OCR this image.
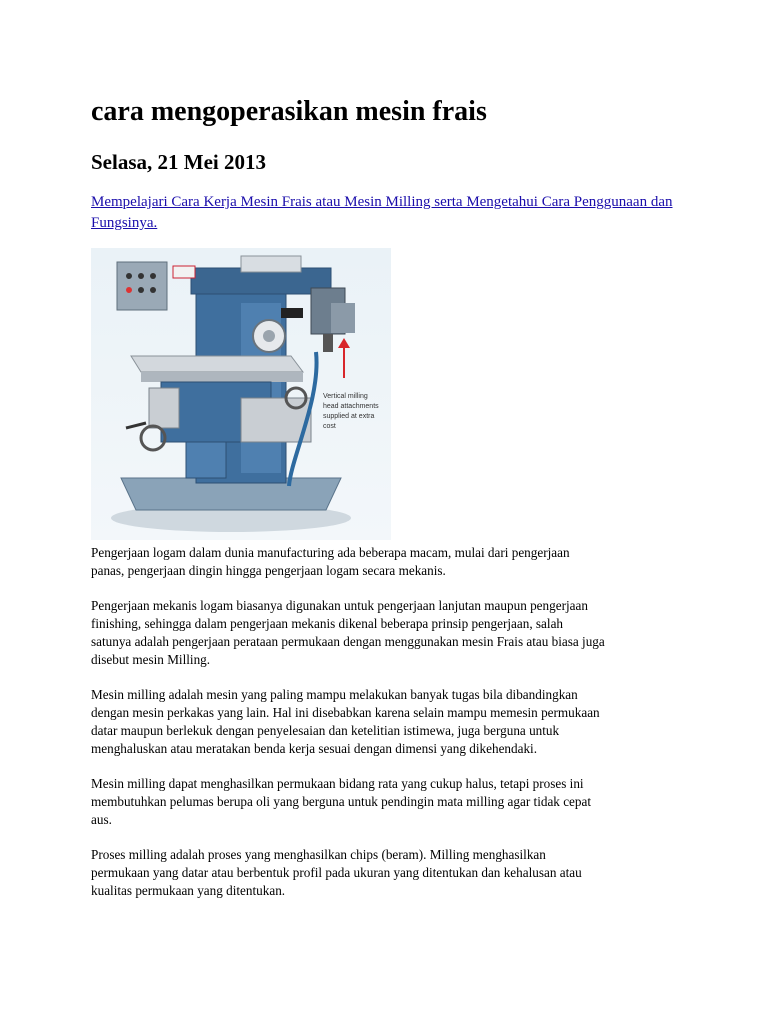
cara mengoperasikan mesin frais
Selasa, 21 Mei 2013
Mempelajari Cara Kerja Mesin Frais atau Mesin Milling serta Mengetahui Cara Penggunaan dan Fungsinya.
Vertical milling
head attachments
supplied at extra
cost

Pengerjaan logam dalam dunia manufacturing ada beberapa macam, mulai dari pengerjaan
panas, pengerjaan dingin hingga pengerjaan logam secara mekanis.

Pengerjaan mekanis logam biasanya digunakan untuk pengerjaan lanjutan maupun pengerjaan
finishing, sehingga dalam pengerjaan mekanis dikenal beberapa prinsip pengerjaan, salah
satunya adalah pengerjaan perataan permukaan dengan menggunakan mesin Frais atau biasa juga
disebut mesin Milling.

Mesin milling adalah mesin yang paling mampu melakukan banyak tugas bila dibandingkan
dengan mesin perkakas yang lain. Hal ini disebabkan karena selain mampu memesin permukaan
datar maupun berlekuk dengan penyelesaian dan ketelitian istimewa, juga berguna untuk
menghaluskan atau meratakan benda kerja sesuai dengan dimensi yang dikehendaki.

Mesin milling dapat menghasilkan permukaan bidang rata yang cukup halus, tetapi proses ini
membutuhkan pelumas berupa oli yang berguna untuk pendingin mata milling agar tidak cepat
aus.

Proses milling adalah proses yang menghasilkan chips (beram). Milling menghasilkan
permukaan yang datar atau berbentuk profil pada ukuran yang ditentukan dan kehalusan atau
kualitas permukaan yang ditentukan.
